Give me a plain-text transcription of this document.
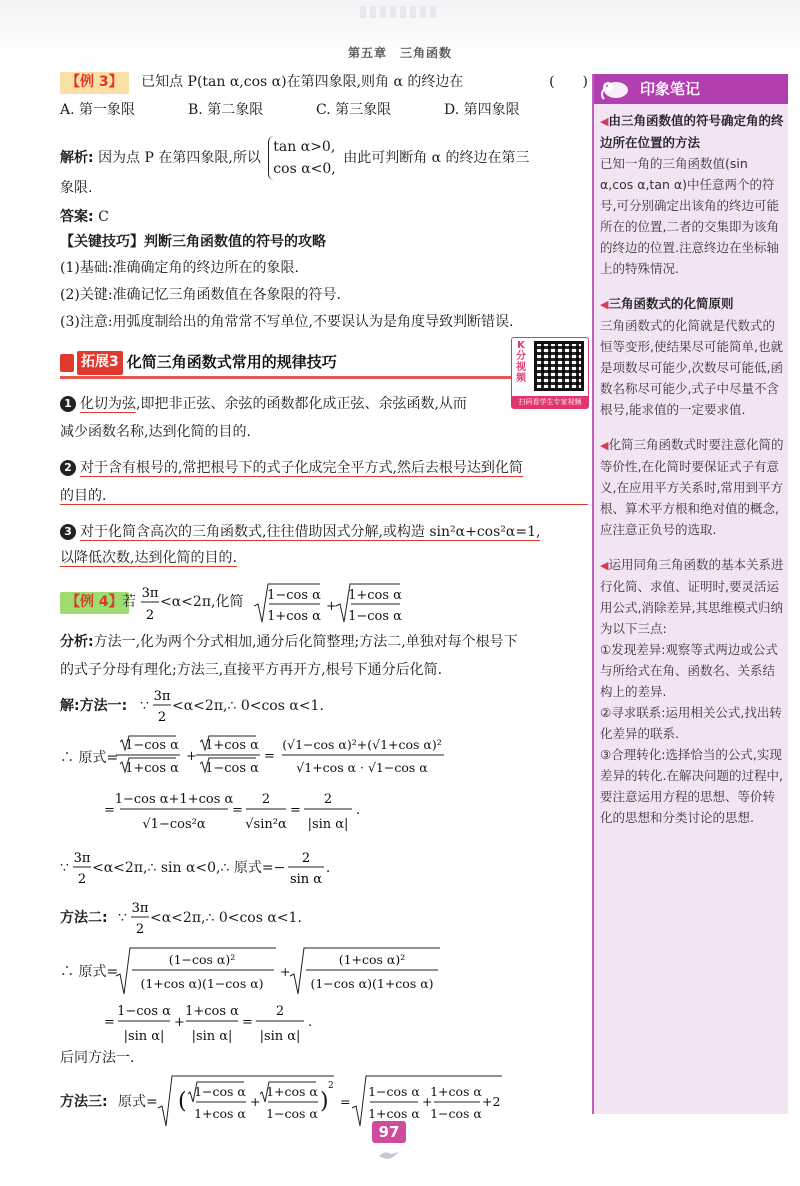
第五章　三角函数
【例 3】 已知点 P(tan α,cos α)在第四象限,则角 α 的终边在	(　　)
A. 第一象限	B. 第二象限	C. 第三象限	D. 第四象限
解析: 因为点 P 在第四象限,所以
tan α>0,
cos α<0,
由此可判断角 α 的终边在第三
象限.
答案: C
【关键技巧】判断三角函数值的符号的攻略
(1)基础:准确确定角的终边所在的象限.
(2)关键:准确记忆三角函数值在各象限的符号.
(3)注意:用弧度制给出的角常常不写单位,不要误认为是角度导致判断错误.
拓展3 化简三角函数式常用的规律技巧
1 化切为弦,即把非正弦、余弦的函数都化成正弦、余弦函数,从而
减少函数名称,达到化简的目的.
2 对于含有根号的,常把根号下的式子化成完全平方式,然后去根号达到化简
的目的.
3 对于化简含高次的三角函数式,往往借助因式分解,或构造 sin²α+cos²α=1,
以降低次数,达到化简的目的.
【例 4】 若
3π
2
<α<2π,化简 1−cos α
1+cos α
+
1+cos α
1−cos α
分析:方法一,化为两个分式相加,通分后化简整理;方法二,单独对每个根号下
的式子分母有理化;方法三,直接平方再开方,根号下通分后化简.
解:方法一: ∵
3π
2
<α<2π,∴ 0<cos α<1.
∴ 原式=
1−cos α
1+cos α
+
1+cos α
1−cos α
=
(√1−cos α)²+(√1+cos α)²
√1+cos α · √1−cos α
=
1−cos α+1+cos α
√1−cos²α
=
2
√sin²α
=
2
|sin α|
.
∵
3π
2
<α<2π,∴ sin α<0,∴ 原式=−
2
sin α
.
方法二: ∵
3π
2
<α<2π,∴ 0<cos α<1.
∴ 原式=
(1−cos α)²
(1+cos α)(1−cos α)
+
(1+cos α)²
(1−cos α)(1+cos α)
=
1−cos α
|sin α|
+
1+cos α
|sin α|
=
2
|sin α|
.
后同方法一.
方法三: 原式= ( 1−cos α
1+cos α
+
1+cos α
1−cos α )
2
=
1−cos α
1+cos α
+
1+cos α
1−cos α
+2
K分视频
扫码看学生专家视频
印象笔记

◀由三角函数值的符号确定角的终边所在位置的方法
已知一角的三角函数值(sin α,cos α,tan α)中任意两个的符号,可分别确定出该角的终边可能所在的位置,二者的交集即为该角的终边的位置.注意终边在坐标轴上的特殊情况.

◀三角函数式的化简原则
三角函数式的化简就是代数式的恒等变形,使结果尽可能简单,也就是项数尽可能少,次数尽可能低,函数名称尽可能少,式子中尽量不含根号,能求值的一定要求值.

◀化简三角函数式时要注意化简的等价性,在化简时要保证式子有意义,在应用平方关系时,常用到平方根、算术平方根和绝对值的概念,应注意正负号的选取.

◀运用同角三角函数的基本关系进行化简、求值、证明时,要灵活运用公式,消除差异,其思维模式归纳为以下三点:

①发现差异:观察等式两边或公式与所给式在角、函数名、关系结构上的差异.

②寻求联系:运用相关公式,找出转化差异的联系.

③合理转化:选择恰当的公式,实现差异的转化.在解决问题的过程中,要注意运用方程的思想、等价转化的思想和分类讨论的思想.

97
